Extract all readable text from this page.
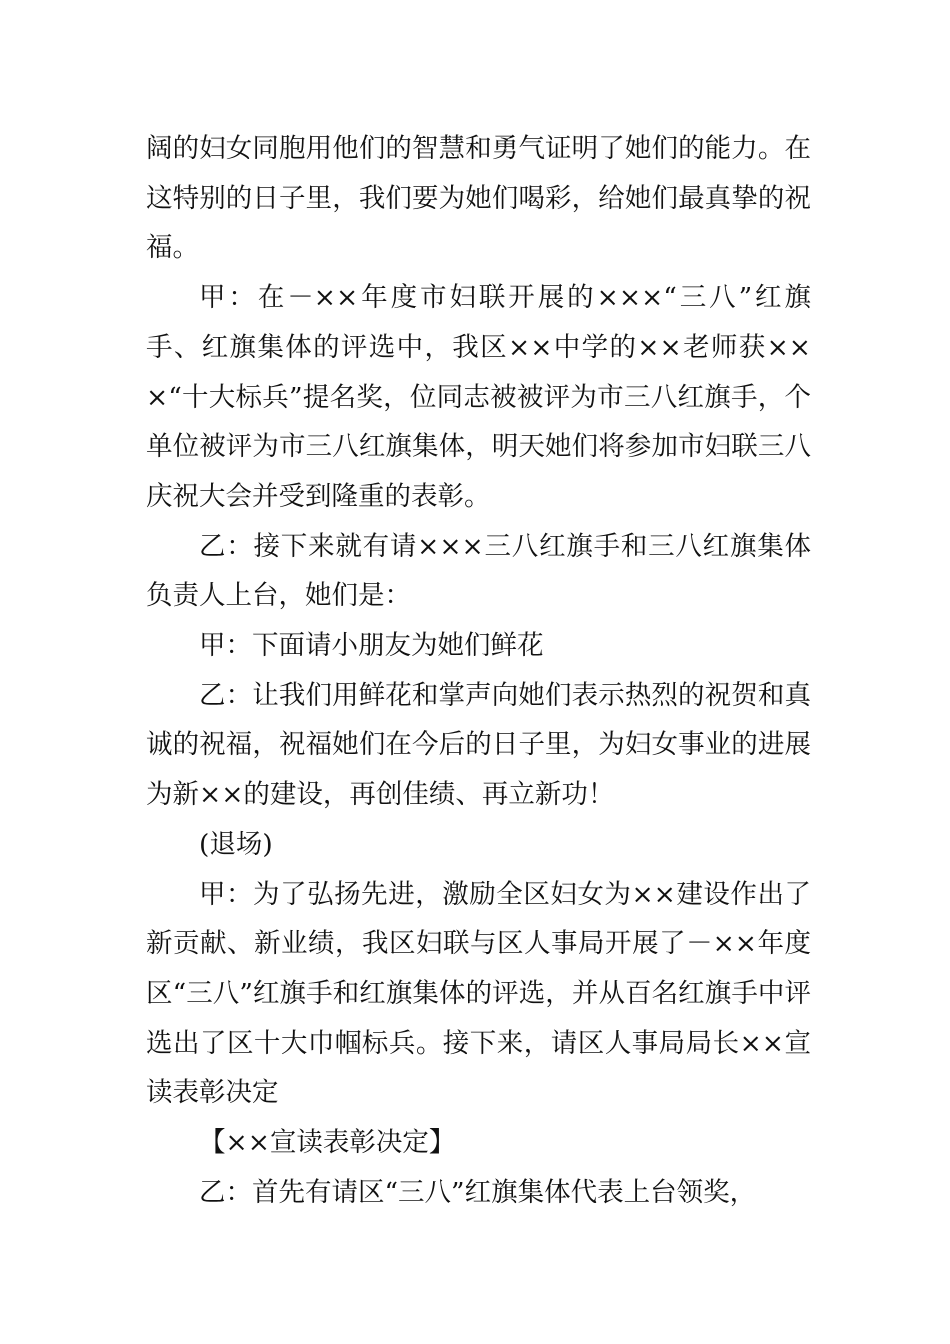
阔的妇女同胞用他们的智慧和勇气证明了她们的能力。在这特别的日子里，我们要为她们喝彩，给她们最真挚的祝福。

甲：在－××年度市妇联开展的×××“三八”红旗手、红旗集体的评选中，我区××中学的××老师获×××“十大标兵”提名奖，位同志被被评为市三八红旗手，个单位被评为市三八红旗集体，明天她们将参加市妇联三八庆祝大会并受到隆重的表彰。

乙：接下来就有请×××三八红旗手和三八红旗集体负责人上台，她们是：

甲：下面请小朋友为她们鲜花

乙：让我们用鲜花和掌声向她们表示热烈的祝贺和真诚的祝福，祝福她们在今后的日子里，为妇女事业的进展为新××的建设，再创佳绩、再立新功！

(退场)

甲：为了弘扬先进，激励全区妇女为××建设作出了新贡献、新业绩，我区妇联与区人事局开展了－××年度区“三八”红旗手和红旗集体的评选，并从百名红旗手中评选出了区十大巾帼标兵。接下来，请区人事局局长××宣读表彰决定

【××宣读表彰决定】

乙：首先有请区“三八”红旗集体代表上台领奖，
